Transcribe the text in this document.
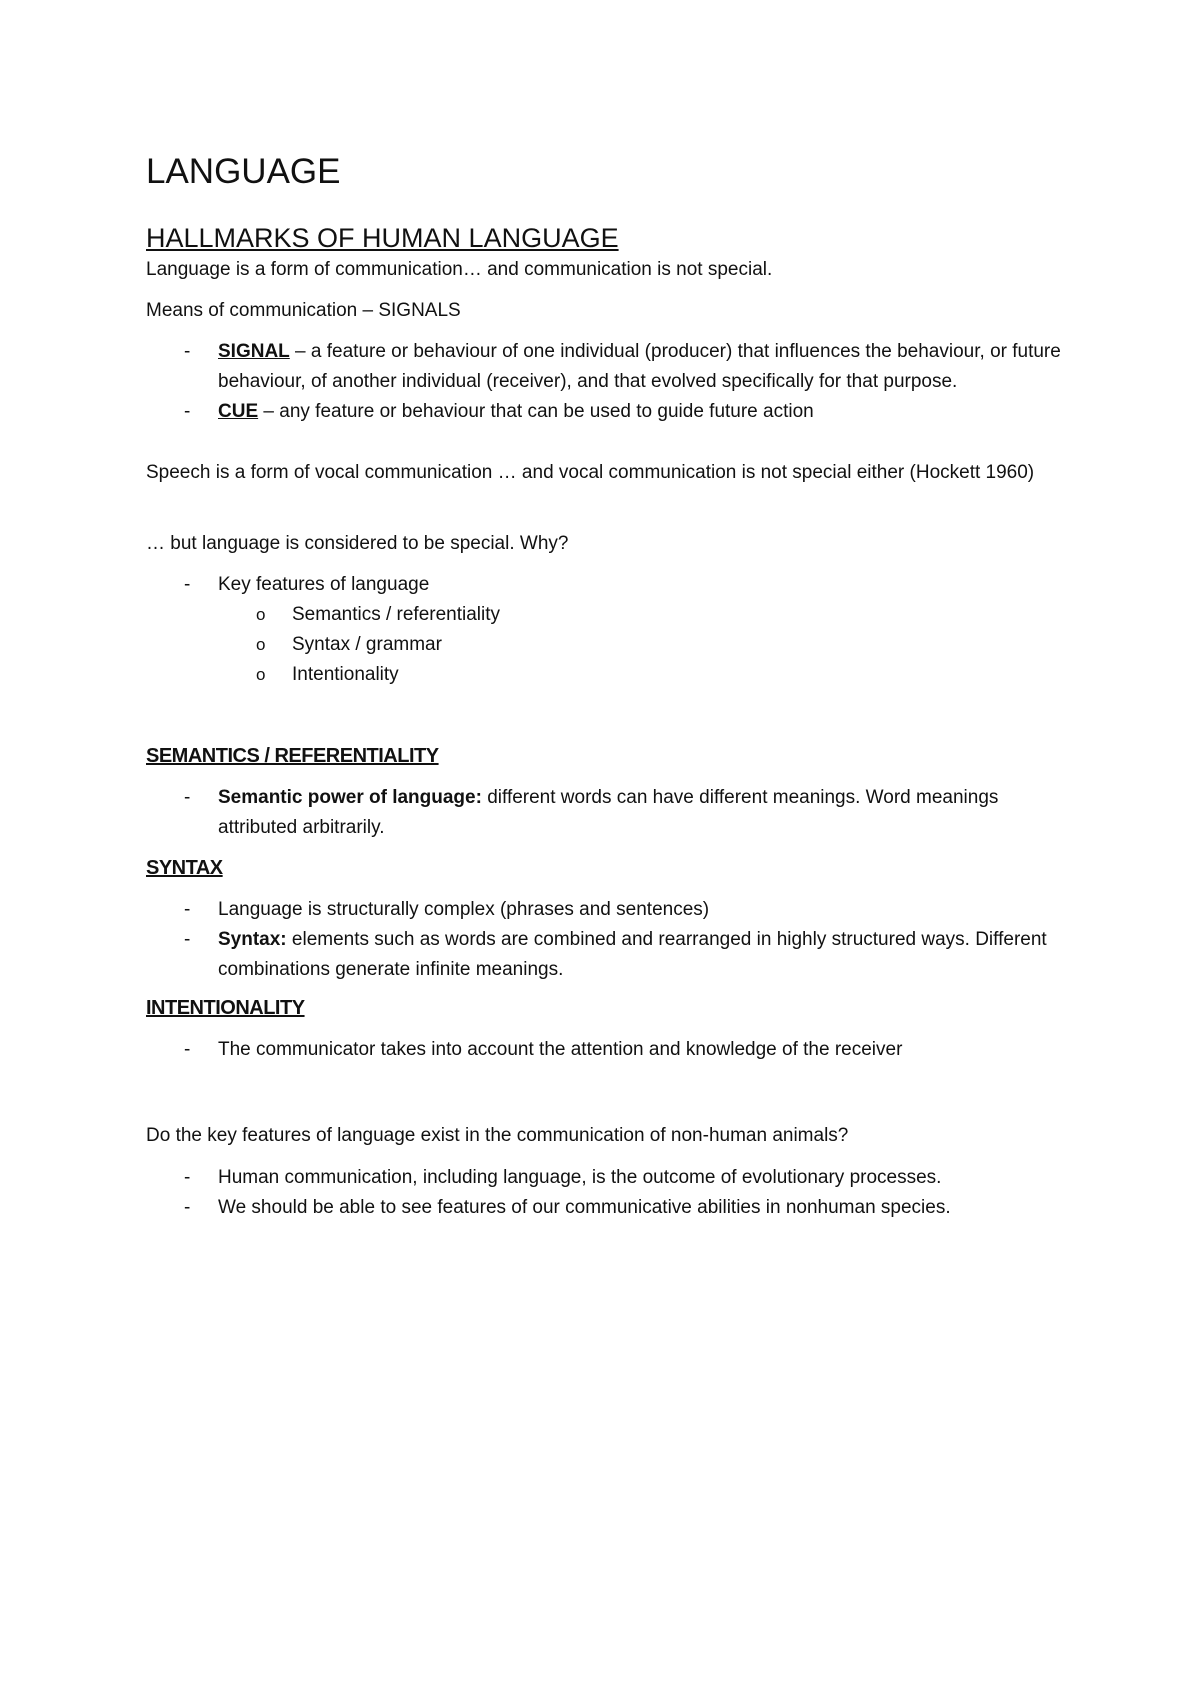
LANGUAGE
HALLMARKS OF HUMAN LANGUAGE

Language is a form of communication… and communication is not special.

Means of communication – SIGNALS

- SIGNAL – a feature or behaviour of one individual (producer) that influences the behaviour, or future behaviour, of another individual (receiver), and that evolved specifically for that purpose.
- CUE – any feature or behaviour that can be used to guide future action

Speech is a form of vocal communication … and vocal communication is not special either (Hockett 1960)

… but language is considered to be special. Why?

- Key features of language
o Semantics / referentiality
o Syntax / grammar
o Intentionality
SEMANTICS / REFERENTIALITY
- Semantic power of language: different words can have different meanings. Word meanings attributed arbitrarily.
SYNTAX
- Language is structurally complex (phrases and sentences)
- Syntax: elements such as words are combined and rearranged in highly structured ways. Different combinations generate infinite meanings.
INTENTIONALITY
- The communicator takes into account the attention and knowledge of the receiver

Do the key features of language exist in the communication of non-human animals?

- Human communication, including language, is the outcome of evolutionary processes.
- We should be able to see features of our communicative abilities in nonhuman species.
